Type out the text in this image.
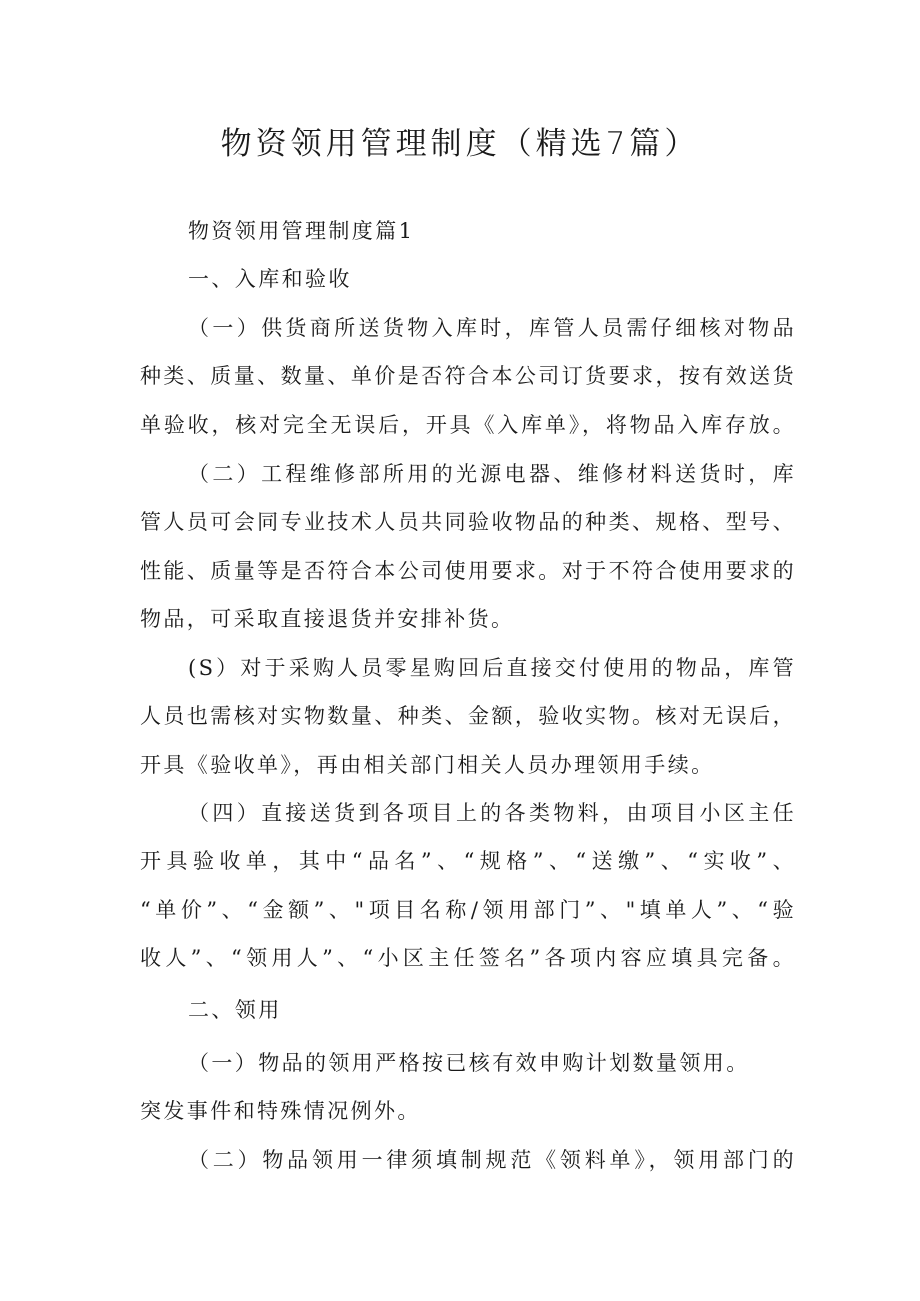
物资领用管理制度（精选7篇）
物资领用管理制度篇1
一、入库和验收
（一）供货商所送货物入库时，库管人员需仔细核对物品
种类、质量、数量、单价是否符合本公司订货要求，按有效送货
单验收，核对完全无误后，开具《入库单》，将物品入库存放。
（二）工程维修部所用的光源电器、维修材料送货时，库
管人员可会同专业技术人员共同验收物品的种类、规格、型号、
性能、质量等是否符合本公司使用要求。对于不符合使用要求的
物品，可采取直接退货并安排补货。
(S）对于采购人员零星购回后直接交付使用的物品，库管
人员也需核对实物数量、种类、金额，验收实物。核对无误后，
开具《验收单》，再由相关部门相关人员办理领用手续。
（四）直接送货到各项目上的各类物料，由项目小区主任
开具验收单，其中“品名”、“规格”、“送缴”、“实收”、
“单价”、“金额”、"项目名称/领用部门”、"填单人”、“验
收人”、“领用人”、“小区主任签名”各项内容应填具完备。
二、领用
（一）物品的领用严格按已核有效申购计划数量领用。
突发事件和特殊情况例外。
（二）物品领用一律须填制规范《领料单》，领用部门的
